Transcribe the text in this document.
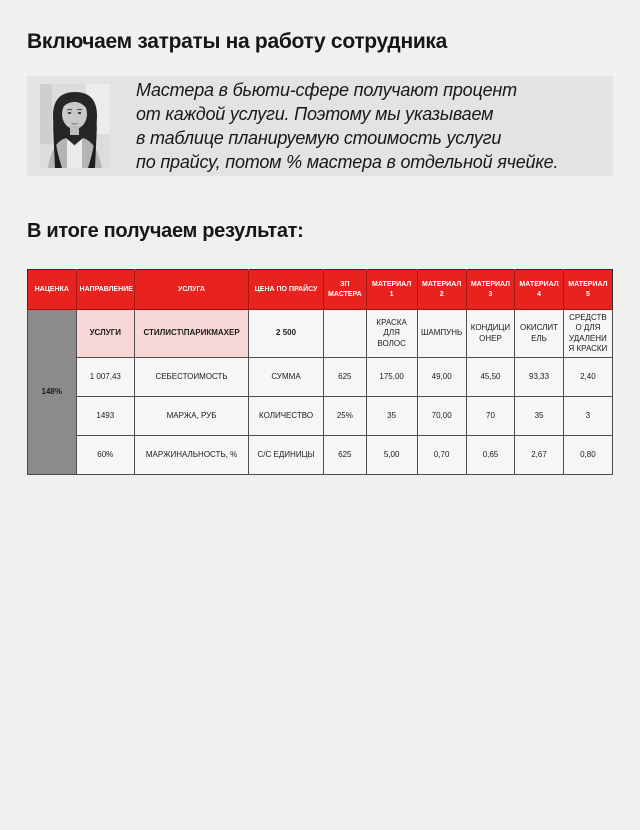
Включаем затраты на работу сотрудника
Мастера в бьюти-сфере получают процент
от каждой услуги. Поэтому мы указываем
в таблице планируемую стоимость услуги
по прайсу, потом % мастера в отдельной ячейке.
В итоге получаем результат:
НАЦЕНКА	НАПРАВЛЕНИЕ	УСЛУГА	ЦЕНА ПО ПРАЙСУ	ЗП МАСТЕРА	МАТЕРИАЛ 1	МАТЕРИАЛ 2	МАТЕРИАЛ 3	МАТЕРИАЛ 4	МАТЕРИАЛ 5
148%	УСЛУГИ	СТИЛИСТ\ПАРИКМАХЕР	2 500		КРАСКА ДЛЯ ВОЛОС	ШАМПУНЬ	КОНДИЦИОНЕР	ОКИСЛИТЕЛЬ	СРЕДСТВО ДЛЯ УДАЛЕНИЯ КРАСКИ
	1 007,43	СЕБЕСТОИМОСТЬ	СУММА	625	175,00	49,00	45,50	93,33	2,40
	1493	МАРЖА, РУБ	КОЛИЧЕСТВО	25%	35	70,00	70	35	3
	60%	МАРЖИНАЛЬНОСТЬ, %	С/С ЕДИНИЦЫ	625	5,00	0,70	0,65	2,67	0,80
